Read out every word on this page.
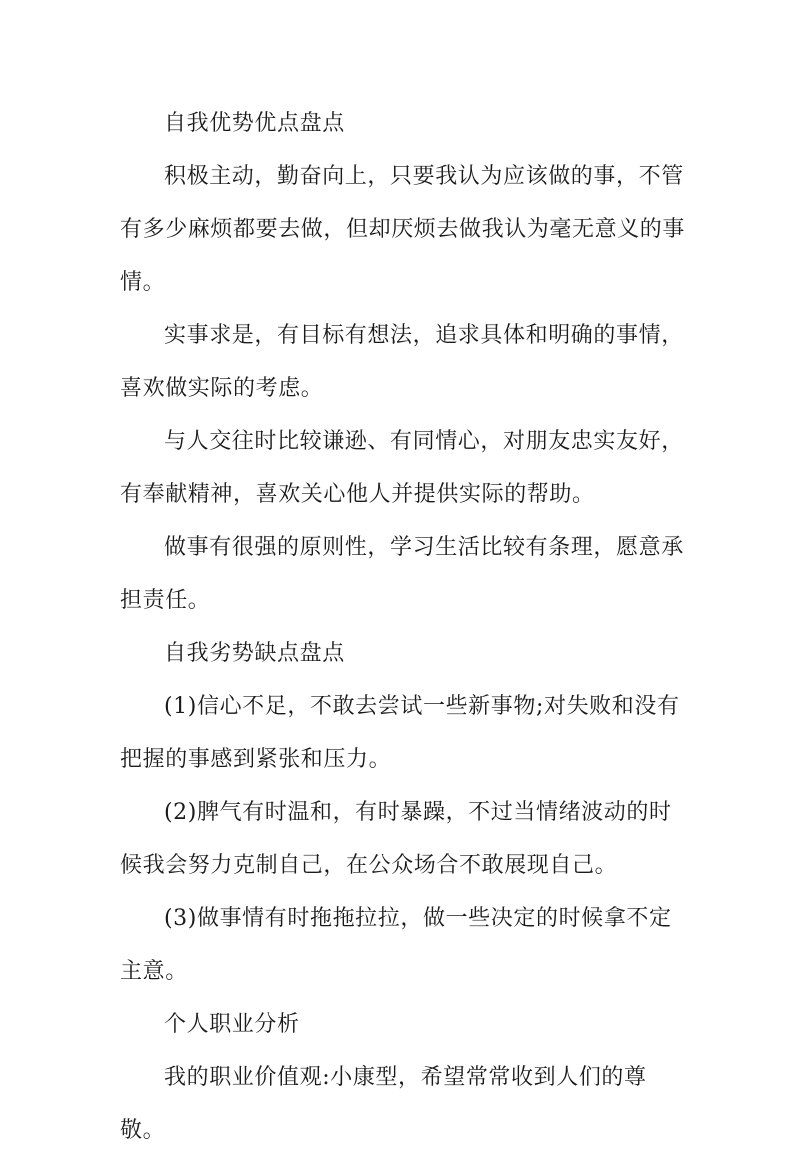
自我优势优点盘点

积极主动，勤奋向上，只要我认为应该做的事，不管有多少麻烦都要去做，但却厌烦去做我认为毫无意义的事情。

实事求是，有目标有想法，追求具体和明确的事情，喜欢做实际的考虑。

与人交往时比较谦逊、有同情心，对朋友忠实友好，有奉献精神，喜欢关心他人并提供实际的帮助。

做事有很强的原则性，学习生活比较有条理，愿意承担责任。

自我劣势缺点盘点

(1)信心不足，不敢去尝试一些新事物;对失败和没有把握的事感到紧张和压力。

(2)脾气有时温和，有时暴躁，不过当情绪波动的时候我会努力克制自己，在公众场合不敢展现自己。

(3)做事情有时拖拖拉拉，做一些决定的时候拿不定主意。

个人职业分析

我的职业价值观:小康型，希望常常收到人们的尊敬。
